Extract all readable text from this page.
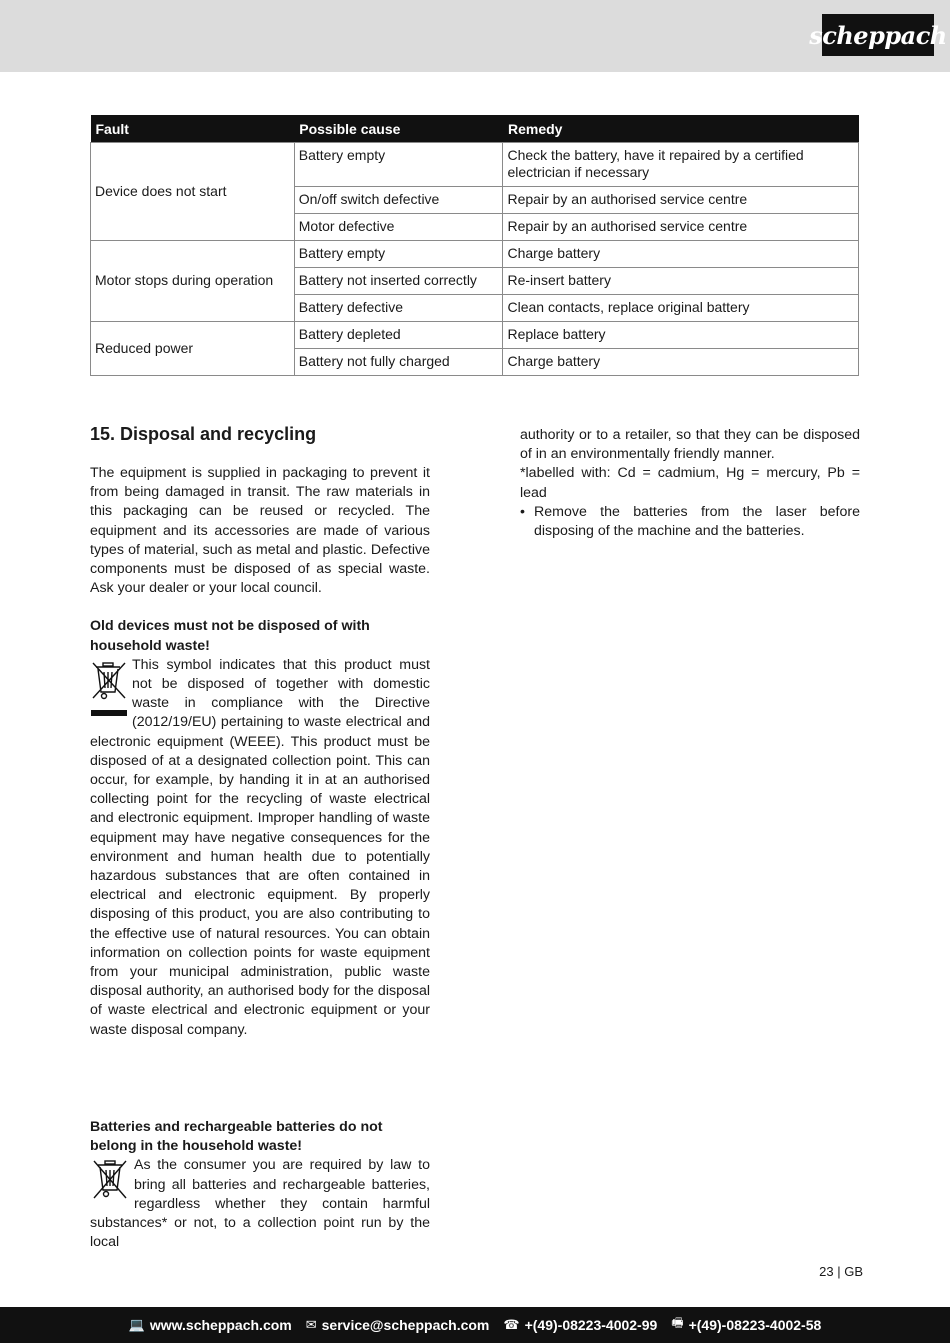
scheppach
Fault	Possible cause	Remedy
Device does not start	Battery empty	Check the battery, have it repaired by a certified electrician if necessary
	On/off switch defective	Repair by an authorised service centre
	Motor defective	Repair by an authorised service centre
Motor stops during operation	Battery empty	Charge battery
	Battery not inserted correctly	Re-insert battery
	Battery defective	Clean contacts, replace original battery
Reduced power	Battery depleted	Replace battery
	Battery not fully charged	Charge battery
15. Disposal and recycling

The equipment is supplied in packaging to prevent it from being damaged in transit. The raw materials in this packaging can be reused or recycled. The equipment and its accessories are made of various types of material, such as metal and plastic. Defective components must be disposed of as special waste. Ask your dealer or your local council.

Old devices must not be disposed of with household waste!

This symbol indicates that this product must not be disposed of together with domestic waste in compliance with the Directive (2012/19/EU) pertaining to waste electrical and electronic equipment (WEEE). This product must be disposed of at a designated collection point. This can occur, for example, by handing it in at an authorised collecting point for the recycling of waste electrical and electronic equipment. Improper handling of waste equipment may have negative consequences for the environment and human health due to potentially hazardous substances that are often contained in electrical and electronic equipment. By properly disposing of this product, you are also contributing to the effective use of natural resources. You can obtain information on collection points for waste equipment from your municipal administration, public waste disposal authority, an authorised body for the disposal of waste electrical and electronic equipment or your waste disposal company.

Batteries and rechargeable batteries do not belong in the household waste!

As the consumer you are required by law to bring all batteries and rechargeable batteries, regardless whether they contain harmful substances* or not, to a collection point run by the local

authority or to a retailer, so that they can be disposed of in an environmentally friendly manner.

*labelled with: Cd = cadmium, Hg = mercury, Pb = lead

• Remove the batteries from the laser before disposing of the machine and the batteries.
23 | GB
💻 www.scheppach.com ✉ service@scheppach.com ☎ +(49)-08223-4002-99 🖷 +(49)-08223-4002-58
